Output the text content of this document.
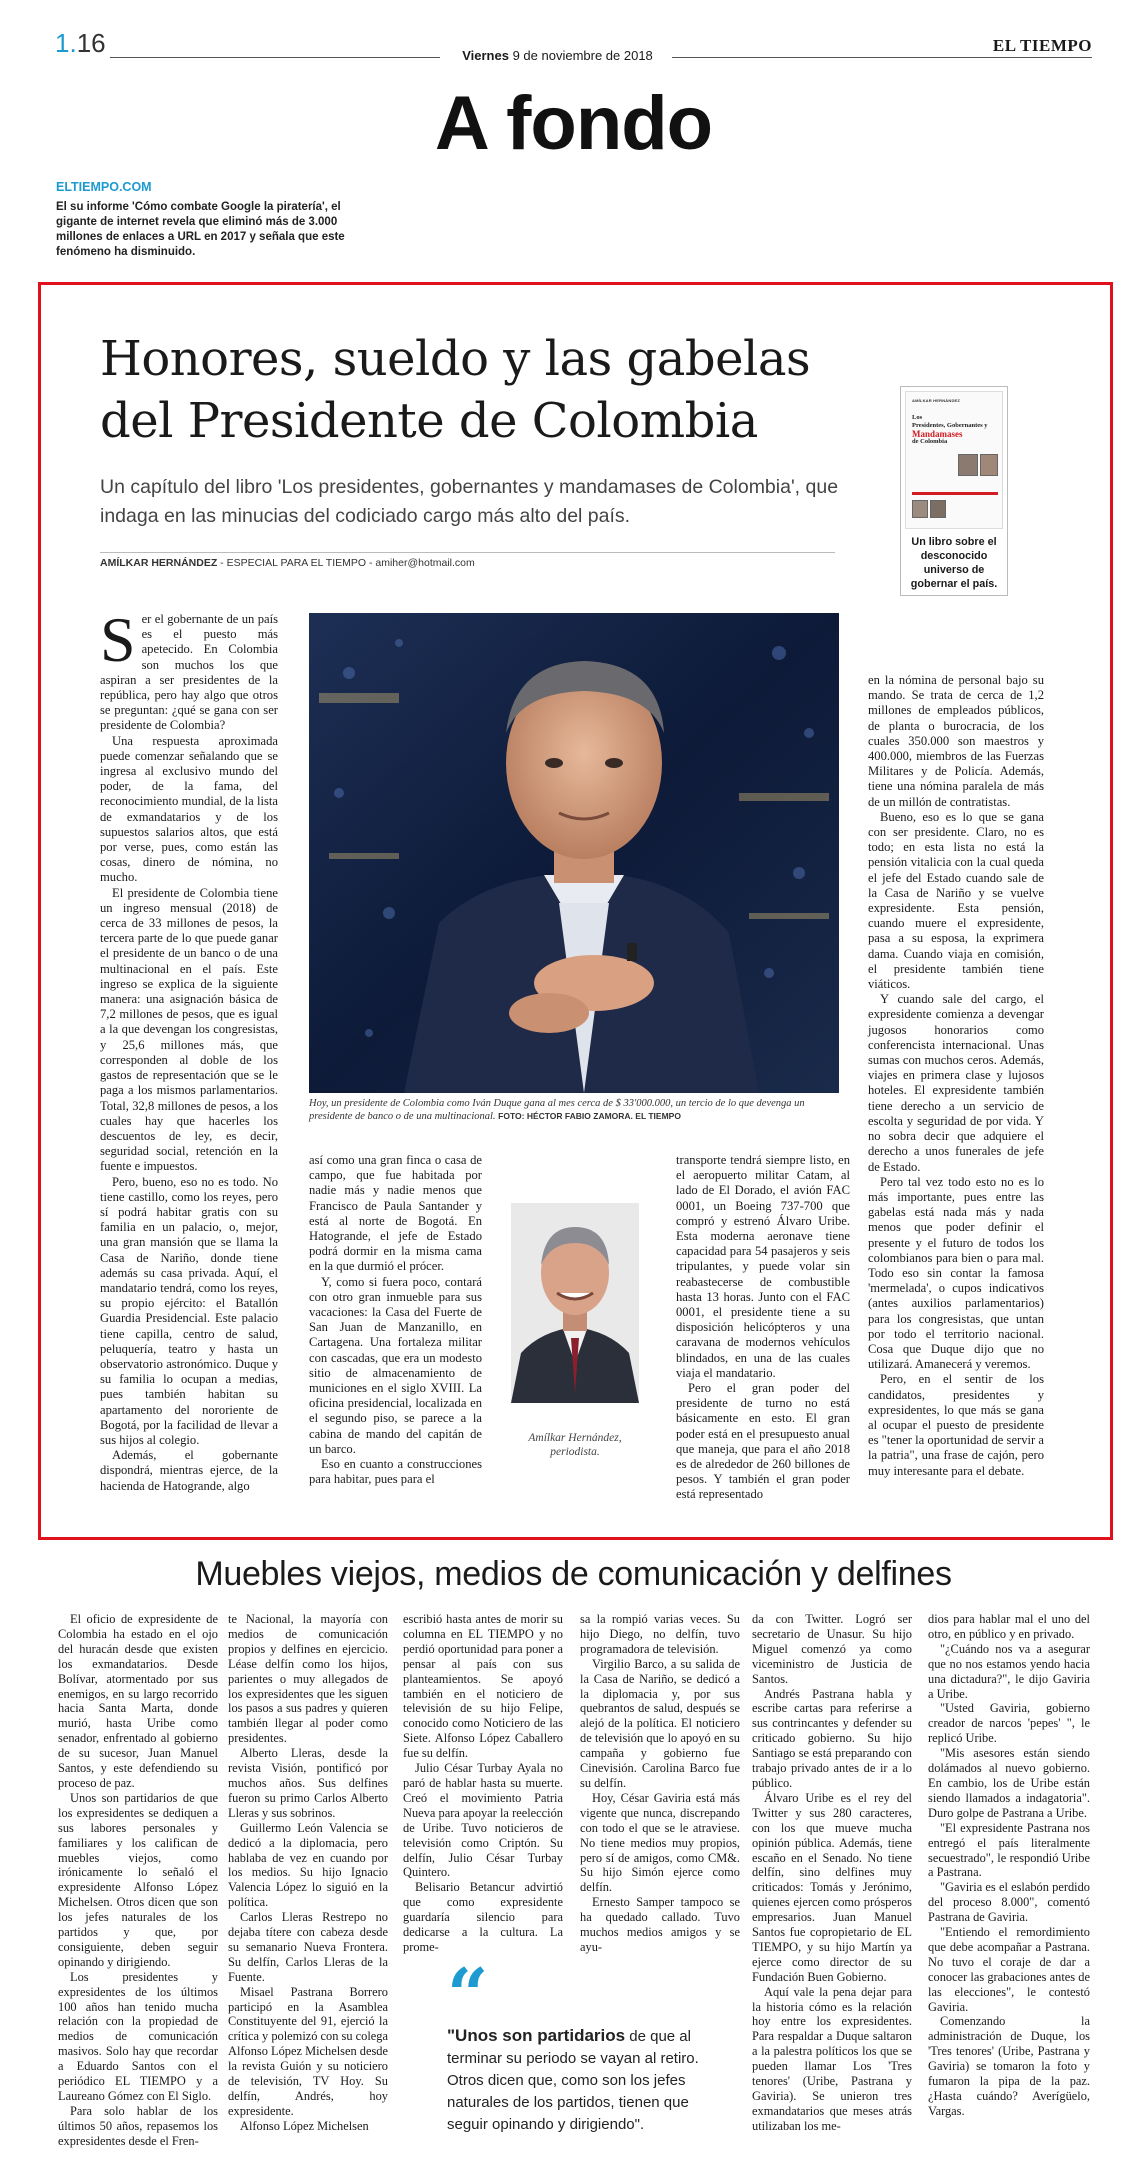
1.16	Viernes 9 de noviembre de 2018
EL TIEMPO
A fondo
ELTIEMPO.COM
El su informe 'Cómo combate Google la piratería', el gigante de internet revela que eliminó más de 3.000 millones de enlaces a URL en 2017 y señala que este fenómeno ha disminuido.
Honores, sueldo y las gabelas
del Presidente de Colombia
Un capítulo del libro 'Los presidentes, gobernantes y mandamases de Colombia', que indaga en las minucias del codiciado cargo más alto del país.
AMÍLKAR HERNÁNDEZ - ESPECIAL PARA EL TIEMPO - amiher@hotmail.com
AMÍLKAR HERNÁNDEZ
Los
Presidentes, Gobernantes y
Mandamases
de Colombia
Un libro sobre el desconocido universo de gobernar el país.

Ser el gobernante de un país es el puesto más apetecido. En Colombia son muchos los que aspiran a ser presidentes de la república, pero hay algo que otros se preguntan: ¿qué se gana con ser presidente de Colombia?

Una respuesta aproximada puede comenzar señalando que se ingresa al exclusivo mundo del poder, de la fama, del reconocimiento mundial, de la lista de exmandatarios y de los supuestos salarios altos, que está por verse, pues, como están las cosas, dinero de nómina, no mucho.

El presidente de Colombia tiene un ingreso mensual (2018) de cerca de 33 millones de pesos, la tercera parte de lo que puede ganar el presidente de un banco o de una multinacional en el país. Este ingreso se explica de la siguiente manera: una asignación básica de 7,2 millones de pesos, que es igual a la que devengan los congresistas, y 25,6 millones más, que corresponden al doble de los gastos de representación que se le paga a los mismos parlamentarios. Total, 32,8 millones de pesos, a los cuales hay que hacerles los descuentos de ley, es decir, seguridad social, retención en la fuente e impuestos.

Pero, bueno, eso no es todo. No tiene castillo, como los reyes, pero sí podrá habitar gratis con su familia en un palacio, o, mejor, una gran mansión que se llama la Casa de Nariño, donde tiene además su casa privada. Aquí, el mandatario tendrá, como los reyes, su propio ejército: el Batallón Guardia Presidencial. Este palacio tiene capilla, centro de salud, peluquería, teatro y hasta un observatorio astronómico. Duque y su familia lo ocupan a medias, pues también habitan su apartamento del nororiente de Bogotá, por la facilidad de llevar a sus hijos al colegio.

Además, el gobernante dispondrá, mientras ejerce, de la hacienda de Hatogrande, algo

Hoy, un presidente de Colombia como Iván Duque gana al mes cerca de $ 33'000.000, un tercio de lo que devenga un presidente de banco o de una multinacional. FOTO: HÉCTOR FABIO ZAMORA. EL TIEMPO

así como una gran finca o casa de campo, que fue habitada por nadie más y nadie menos que Francisco de Paula Santander y está al norte de Bogotá. En Hatogrande, el jefe de Estado podrá dormir en la misma cama en la que durmió el prócer.

Y, como si fuera poco, contará con otro gran inmueble para sus vacaciones: la Casa del Fuerte de San Juan de Manzanillo, en Cartagena. Una fortaleza militar con cascadas, que era un modesto sitio de almacenamiento de municiones en el siglo XVIII. La oficina presidencial, localizada en el segundo piso, se parece a la cabina de mando del capitán de un barco.

Eso en cuanto a construcciones para habitar, pues para el

Amílkar Hernández, periodista.

transporte tendrá siempre listo, en el aeropuerto militar Catam, al lado de El Dorado, el avión FAC 0001, un Boeing 737-700 que compró y estrenó Álvaro Uribe. Esta moderna aeronave tiene capacidad para 54 pasajeros y seis tripulantes, y puede volar sin reabastecerse de combustible hasta 13 horas. Junto con el FAC 0001, el presidente tiene a su disposición helicópteros y una caravana de modernos vehículos blindados, en una de las cuales viaja el mandatario.

Pero el gran poder del presidente de turno no está básicamente en esto. El gran poder está en el presupuesto anual que maneja, que para el año 2018 es de alrededor de 260 billones de pesos. Y también el gran poder está representado

en la nómina de personal bajo su mando. Se trata de cerca de 1,2 millones de empleados públicos, de planta o burocracia, de los cuales 350.000 son maestros y 400.000, miembros de las Fuerzas Militares y de Policía. Además, tiene una nómina paralela de más de un millón de contratistas.

Bueno, eso es lo que se gana con ser presidente. Claro, no es todo; en esta lista no está la pensión vitalicia con la cual queda el jefe del Estado cuando sale de la Casa de Nariño y se vuelve expresidente. Esta pensión, cuando muere el expresidente, pasa a su esposa, la exprimera dama. Cuando viaja en comisión, el presidente también tiene viáticos.

Y cuando sale del cargo, el expresidente comienza a devengar jugosos honorarios como conferencista internacional. Unas sumas con muchos ceros. Además, viajes en primera clase y lujosos hoteles. El expresidente también tiene derecho a un servicio de escolta y seguridad de por vida. Y no sobra decir que adquiere el derecho a unos funerales de jefe de Estado.

Pero tal vez todo esto no es lo más importante, pues entre las gabelas está nada más y nada menos que poder definir el presente y el futuro de todos los colombianos para bien o para mal. Todo eso sin contar la famosa 'mermelada', o cupos indicativos (antes auxilios parlamentarios) para los congresistas, que untan por todo el territorio nacional. Cosa que Duque dijo que no utilizará. Amanecerá y veremos.

Pero, en el sentir de los candidatos, presidentes y expresidentes, lo que más se gana al ocupar el puesto de presidente es "tener la oportunidad de servir a la patria", una frase de cajón, pero muy interesante para el debate.

Muebles viejos, medios de comunicación y delfines

El oficio de expresidente de Colombia ha estado en el ojo del huracán desde que existen los exmandatarios. Desde Bolívar, atormentado por sus enemigos, en su largo recorrido hacia Santa Marta, donde murió, hasta Uribe como senador, enfrentado al gobierno de su sucesor, Juan Manuel Santos, y este defendiendo su proceso de paz.

Unos son partidarios de que los expresidentes se dediquen a sus labores personales y familiares y los califican de muebles viejos, como irónicamente lo señaló el expresidente Alfonso López Michelsen. Otros dicen que son los jefes naturales de los partidos y que, por consiguiente, deben seguir opinando y dirigiendo.

Los presidentes y expresidentes de los últimos 100 años han tenido mucha relación con la propiedad de medios de comunicación masivos. Solo hay que recordar a Eduardo Santos con el periódico EL TIEMPO y a Laureano Gómez con El Siglo.

Para solo hablar de los últimos 50 años, repasemos los expresidentes desde el Fren-

te Nacional, la mayoría con medios de comunicación propios y delfines en ejercicio. Léase delfín como los hijos, parientes o muy allegados de los expresidentes que les siguen los pasos a sus padres y quieren también llegar al poder como presidentes.

Alberto Lleras, desde la revista Visión, pontificó por muchos años. Sus delfines fueron su primo Carlos Alberto Lleras y sus sobrinos.

Guillermo León Valencia se dedicó a la diplomacia, pero hablaba de vez en cuando por los medios. Su hijo Ignacio Valencia López lo siguió en la política.

Carlos Lleras Restrepo no dejaba títere con cabeza desde su semanario Nueva Frontera. Su delfín, Carlos Lleras de la Fuente.

Misael Pastrana Borrero participó en la Asamblea Constituyente del 91, ejerció la crítica y polemizó con su colega Alfonso López Michelsen desde la revista Guión y su noticiero de televisión, TV Hoy. Su delfín, Andrés, hoy expresidente.

Alfonso López Michelsen

escribió hasta antes de morir su columna en EL TIEMPO y no perdió oportunidad para poner a pensar al país con sus planteamientos. Se apoyó también en el noticiero de televisión de su hijo Felipe, conocido como Noticiero de las Siete. Alfonso López Caballero fue su delfín.

Julio César Turbay Ayala no paró de hablar hasta su muerte. Creó el movimiento Patria Nueva para apoyar la reelección de Uribe. Tuvo noticieros de televisión como Criptón. Su delfín, Julio César Turbay Quintero.

Belisario Betancur advirtió que como expresidente guardaría silencio para dedicarse a la cultura. La prome-

sa la rompió varias veces. Su hijo Diego, no delfín, tuvo programadora de televisión.

Virgilio Barco, a su salida de la Casa de Nariño, se dedicó a la diplomacia y, por sus quebrantos de salud, después se alejó de la política. El noticiero de televisión que lo apoyó en su campaña y gobierno fue Cinevisión. Carolina Barco fue su delfín.

Hoy, César Gaviria está más vigente que nunca, discrepando con todo el que se le atraviese. No tiene medios muy propios, pero sí de amigos, como CM&. Su hijo Simón ejerce como delfín.

Ernesto Samper tampoco se ha quedado callado. Tuvo muchos medios amigos y se ayu-

da con Twitter. Logró ser secretario de Unasur. Su hijo Miguel comenzó ya como viceministro de Justicia de Santos.

Andrés Pastrana habla y escribe cartas para referirse a sus contrincantes y defender su criticado gobierno. Su hijo Santiago se está preparando con trabajo privado antes de ir a lo público.

Álvaro Uribe es el rey del Twitter y sus 280 caracteres, con los que mueve mucha opinión pública. Además, tiene escaño en el Senado. No tiene delfín, sino delfines muy criticados: Tomás y Jerónimo, quienes ejercen como prósperos empresarios. Juan Manuel Santos fue copropietario de EL TIEMPO, y su hijo Martín ya ejerce como director de su Fundación Buen Gobierno.

Aquí vale la pena dejar para la historia cómo es la relación hoy entre los expresidentes. Para respaldar a Duque saltaron a la palestra políticos los que se pueden llamar Los 'Tres tenores' (Uribe, Pastrana y Gaviria). Se unieron tres exmandatarios que meses atrás utilizaban los me-

dios para hablar mal el uno del otro, en público y en privado.

"¿Cuándo nos va a asegurar que no nos estamos yendo hacia una dictadura?", le dijo Gaviria a Uribe.

"Usted Gaviria, gobierno creador de narcos 'pepes' ", le replicó Uribe.

"Mis asesores están siendo dolámados al nuevo gobierno. En cambio, los de Uribe están siendo llamados a indagatoria". Duro golpe de Pastrana a Uribe.

"El expresidente Pastrana nos entregó el país literalmente secuestrado", le respondió Uribe a Pastrana.

"Gaviria es el eslabón perdido del proceso 8.000", comentó Pastrana de Gaviria.

"Entiendo el remordimiento que debe acompañar a Pastrana. No tuvo el coraje de dar a conocer las grabaciones antes de las elecciones", le contestó Gaviria.

Comenzando la administración de Duque, los 'Tres tenores' (Uribe, Pastrana y Gaviria) se tomaron la foto y fumaron la pipa de la paz. ¿Hasta cuándo? Averígüelo, Vargas.

“
"Unos son partidarios de que al terminar su periodo se vayan al retiro. Otros dicen que, como son los jefes naturales de los partidos, tienen que seguir opinando y dirigiendo".
